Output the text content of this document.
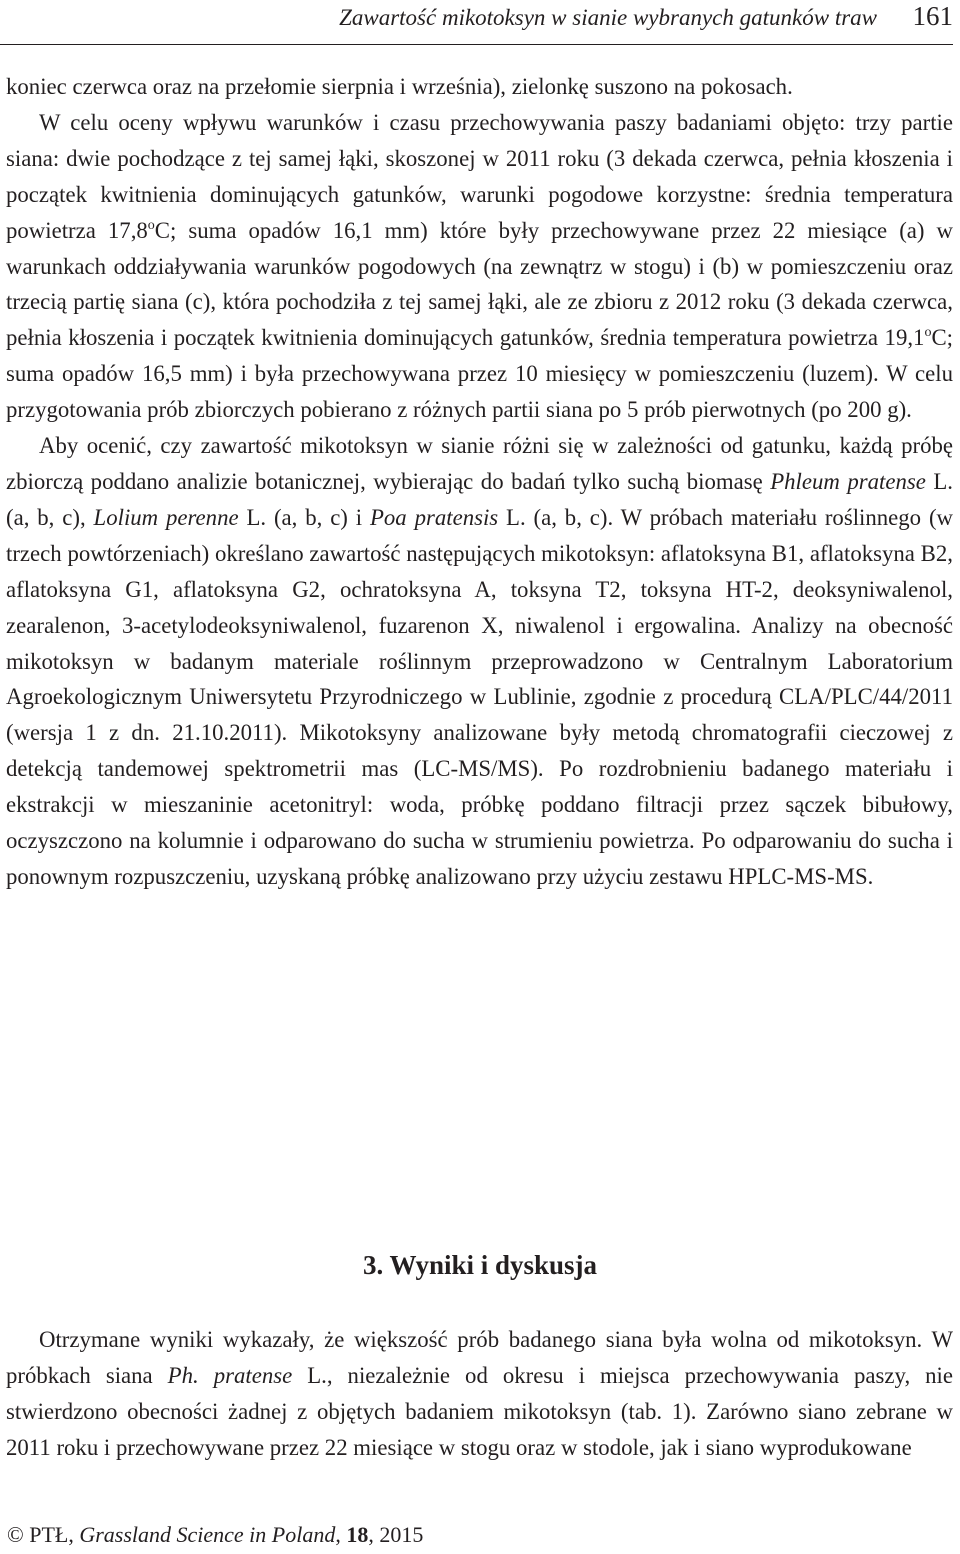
Zawartość mikotoksyn w sianie wybranych gatunków traw 161

koniec czerwca oraz na przełomie sierpnia i września), zielonkę suszono na pokosach.

W celu oceny wpływu warunków i czasu przechowywania paszy badaniami objęto: trzy partie siana: dwie pochodzące z tej samej łąki, skoszonej w 2011 roku (3 dekada czerwca, pełnia kłoszenia i początek kwitnienia dominujących gatunków, warunki pogodowe korzystne: średnia temperatura powietrza 17,8$^o$C; suma opadów 16,1 mm) które były przechowywane przez 22 miesiące (a) w warunkach oddziaływania warunków pogodowych (na zewnątrz w stogu) i (b) w pomieszczeniu oraz trzecią partię siana (c), która pochodziła z tej samej łąki, ale ze zbioru z 2012 roku (3 dekada czerwca, pełnia kłoszenia i początek kwitnienia dominujących gatunków, średnia temperatura powietrza 19,1$^o$C; suma opadów 16,5 mm) i była przechowywana przez 10 miesięcy w pomieszczeniu (luzem). W celu przygotowania prób zbiorczych pobierano z różnych partii siana po 5 prób pierwotnych (po 200 g).

Aby ocenić, czy zawartość mikotoksyn w sianie różni się w zależności od gatunku, każdą próbę zbiorczą poddano analizie botanicznej, wybierając do badań tylko suchą biomasę Phleum pratense L. (a, b, c), Lolium perenne L. (a, b, c) i Poa pratensis L. (a, b, c). W próbach materiału roślinnego (w trzech powtórzeniach) określano zawartość następujących mikotoksyn: aflatoksyna B1, aflatoksyna B2, aflatoksyna G1, aflatoksyna G2, ochratoksyna A, toksyna T2, toksyna HT-2, deoksyniwalenol, zearalenon, 3-acetylodeoksyniwalenol, fuzarenon X, niwalenol i ergowalina. Analizy na obecność mikotoksyn w badanym materiale roślinnym przeprowadzono w Centralnym Laboratorium Agroekologicznym Uniwersytetu Przyrodniczego w Lublinie, zgodnie z procedurą CLA/PLC/44/2011 (wersja 1 z dn. 21.10.2011). Mikotoksyny analizowane były metodą chromatografii cieczowej z detekcją tandemowej spektrometrii mas (LC-MS/MS). Po rozdrobnieniu badanego materiału i ekstrakcji w mieszaninie acetonitryl: woda, próbkę poddano filtracji przez sączek bibułowy, oczyszczono na kolumnie i odparowano do sucha w strumieniu powietrza. Po odparowaniu do sucha i ponownym rozpuszczeniu, uzyskaną próbkę analizowano przy użyciu zestawu HPLC-MS-MS.

3. Wyniki i dyskusja

Otrzymane wyniki wykazały, że większość prób badanego siana była wolna od mikotoksyn. W próbkach siana Ph. pratense L., niezależnie od okresu i miejsca przechowywania paszy, nie stwierdzono obecności żadnej z objętych badaniem mikotoksyn (tab. 1). Zarówno siano zebrane w 2011 roku i przechowywane przez 22 miesiące w stogu oraz w stodole, jak i siano wyprodukowane

© PTŁ, Grassland Science in Poland, 18, 2015
